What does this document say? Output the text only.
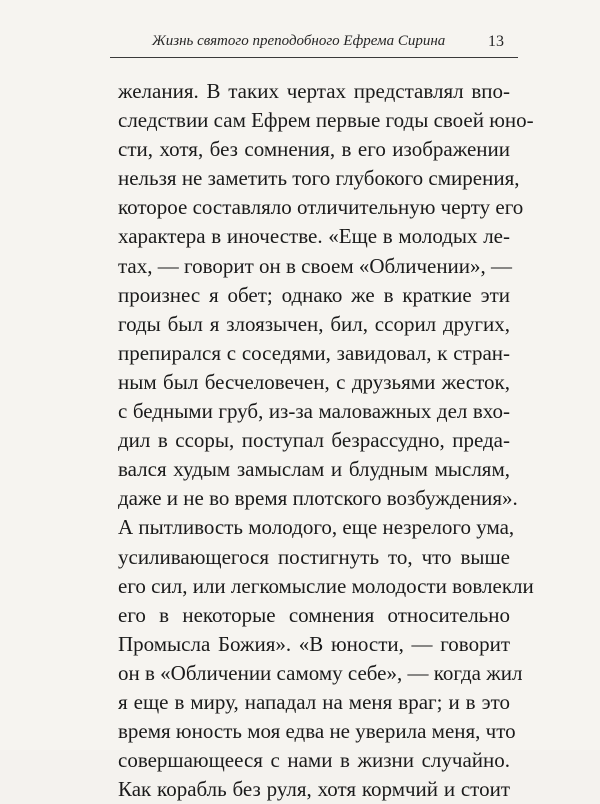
Жизнь святого преподобного Ефрема Сирина	13
желания. В таких чертах представлял впо-
следствии сам Ефрем первые годы своей юно-
сти, хотя, без сомнения, в его изображении
нельзя не заметить того глубокого смирения,
которое составляло отличительную черту его
характера в иночестве. «Еще в молодых ле-
тах, — говорит он в своем «Обличении», —
произнес я обет; однако же в краткие эти
годы был я злоязычен, бил, ссорил других,
препирался с соседями, завидовал, к стран-
ным был бесчеловечен, с друзьями жесток,
с бедными груб, из-за маловажных дел вхо-
дил в ссоры, поступал безрассудно, преда-
вался худым замыслам и блудным мыслям,
даже и не во время плотского возбуждения».
А пытливость молодого, еще незрелого ума,
усиливающегося постигнуть то, что выше
его сил, или легкомыслие молодости вовлекли
его в некоторые сомнения относительно
Промысла Божия». «В юности, — говорит
он в «Обличении самому себе», — когда жил
я еще в миру, нападал на меня враг; и в это
время юность моя едва не уверила меня, что
совершающееся с нами в жизни случайно.
Как корабль без руля, хотя кормчий и стоит
